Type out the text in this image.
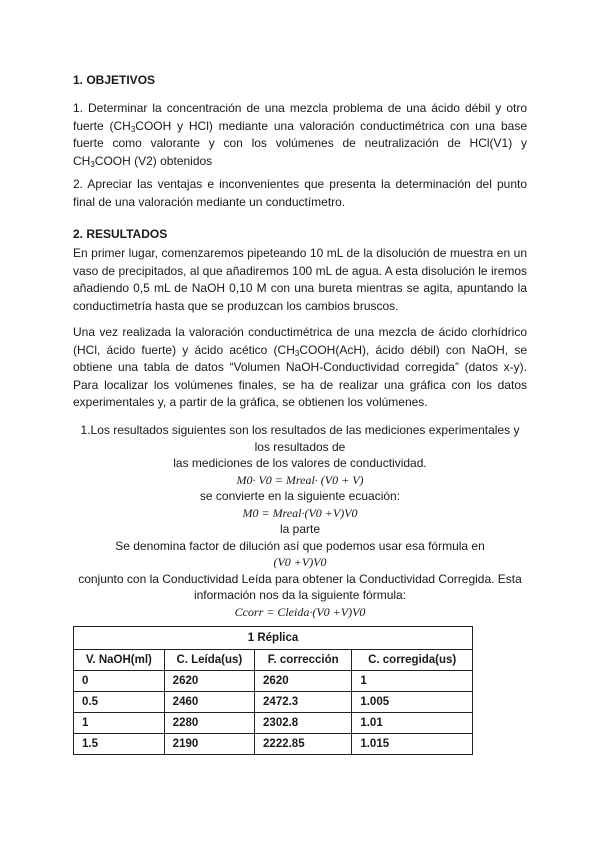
1. OBJETIVOS
1. Determinar la concentración de una mezcla problema de una ácido débil y otro fuerte ($CH_3COOH$ y HCl) mediante una valoración conductimétrica con una base fuerte como valorante y con los volúmenes de neutralización de HCl(V1) y $CH_3COOH$ (V2) obtenidos
2. Apreciar las ventajas e inconvenientes que presenta la determinación del punto final de una valoración mediante un conductímetro.
2. RESULTADOS
En primer lugar, comenzaremos pipeteando 10 mL de la disolución de muestra en un vaso de precipitados, al que añadiremos 100 mL de agua. A esta disolución le iremos añadiendo 0,5 mL de NaOH 0,10 M con una bureta mientras se agita, apuntando la conductimetría hasta que se produzcan los cambios bruscos.
Una vez realizada la valoración conductimétrica de una mezcla de ácido clorhídrico (HCl, ácido fuerte) y ácido acético ($CH_3COOH(AcH)$, ácido débil) con NaOH, se obtiene una tabla de datos “Volumen NaOH-Conductividad corregida” (datos x-y). Para localizar los volúmenes finales, se ha de realizar una gráfica con los datos experimentales y, a partir de la gráfica, se obtienen los volúmenes.
1.Los resultados siguientes son los resultados de las mediciones experimentales y los resultados de
las mediciones de los valores de conductividad.
M0· V0 = Mreal· (V0 + V)
se convierte en la siguiente ecuación:
M0 = Mreal·(V0 +V)V0
la parte
Se denomina factor de dilución así que podemos usar esa fórmula en
(V0 +V)V0
conjunto con la Conductividad Leída para obtener la Conductividad Corregida. Esta información nos da la siguiente fórmula:
Ccorr = Cleida·(V0 +V)V0
1 Réplica			
V. NaOH(ml)	C. Leída(us)	F. corrección	C. corregida(us)
0	2620	2620	1
0.5	2460	2472.3	1.005
1	2280	2302.8	1.01
1.5	2190	2222.85	1.015
